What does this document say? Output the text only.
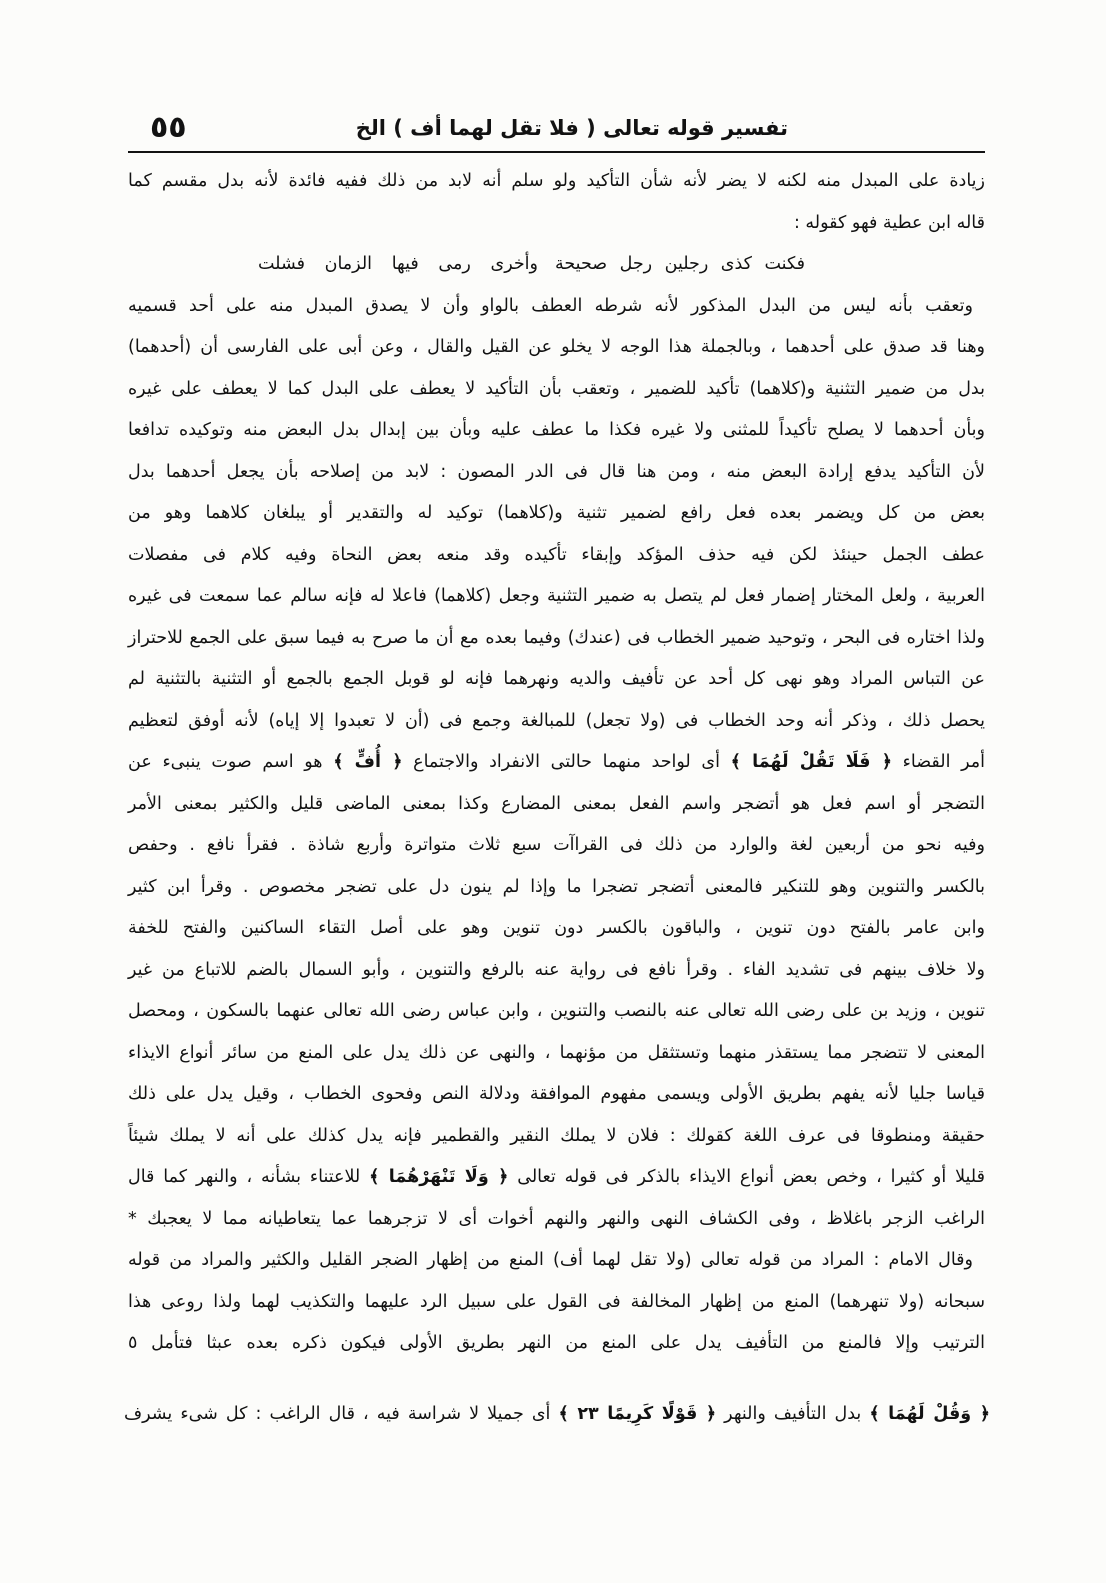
٥٥	تفسير قوله تعالى ( فلا تقل لهما أف ) الخ
زيادة على المبدل منه لكنه لا يضر لأنه شأن التأكيد ولو سلم أنه لابد من ذلك ففيه فائدة لأنه بدل مقسم كما
قاله ابن عطية فهو كقوله :
فكنت كذى رجلين رجل صحيحة
وأخرى رمى فيها الزمان فشلت
وتعقب بأنه ليس من البدل المذكور لأنه شرطه العطف بالواو وأن لا يصدق المبدل منه على أحد قسميه
وهنا قد صدق على أحدهما ، وبالجملة هذا الوجه لا يخلو عن القيل والقال ، وعن أبى على الفارسى أن (أحدهما)
بدل من ضمير التثنية و(كلاهما) تأكيد للضمير ، وتعقب بأن التأكيد لا يعطف على البدل كما لا يعطف على غيره
وبأن أحدهما لا يصلح تأكيداً للمثنى ولا غيره فكذا ما عطف عليه وبأن بين إبدال بدل البعض منه وتوكيده تدافعا
لأن التأكيد يدفع إرادة البعض منه ، ومن هنا قال فى الدر المصون : لابد من إصلاحه بأن يجعل أحدهما بدل
بعض من كل ويضمر بعده فعل رافع لضمير تثنية و(كلاهما) توكيد له والتقدير أو يبلغان كلاهما وهو من
عطف الجمل حينئذ لكن فيه حذف المؤكد وإبقاء تأكيده وقد منعه بعض النحاة وفيه كلام فى مفصلات
العربية ، ولعل المختار إضمار فعل لم يتصل به ضمير التثنية وجعل (كلاهما) فاعلا له فإنه سالم عما سمعت فى غيره
ولذا اختاره فى البحر ، وتوحيد ضمير الخطاب فى (عندك) وفيما بعده مع أن ما صرح به فيما سبق على الجمع للاحتراز
عن التباس المراد وهو نهى كل أحد عن تأفيف والديه ونهرهما فإنه لو قوبل الجمع بالجمع أو التثنية بالتثنية لم
يحصل ذلك ، وذكر أنه وحد الخطاب فى (ولا تجعل) للمبالغة وجمع فى (أن لا تعبدوا إلا إياه) لأنه أوفق لتعظيم
أمر القضاء ﴿ فَلَا تَقُلْ لَهُمَا ﴾ أى لواحد منهما حالتى الانفراد والاجتماع ﴿ أُفٍّ ﴾ هو اسم صوت ينبىء عن
التضجر أو اسم فعل هو أتضجر واسم الفعل بمعنى المضارع وكذا بمعنى الماضى قليل والكثير بمعنى الأمر
وفيه نحو من أربعين لغة والوارد من ذلك فى القراآت سبع ثلاث متواترة وأربع شاذة . فقرأ نافع . وحفص
بالكسر والتنوين وهو للتنكير فالمعنى أتضجر تضجرا ما وإذا لم ينون دل على تضجر مخصوص . وقرأ ابن كثير
وابن عامر بالفتح دون تنوين ، والباقون بالكسر دون تنوين وهو على أصل التقاء الساكنين والفتح للخفة
ولا خلاف بينهم فى تشديد الفاء . وقرأ نافع فى رواية عنه بالرفع والتنوين ، وأبو السمال بالضم للاتباع من غير
تنوين ، وزيد بن على رضى الله تعالى عنه بالنصب والتنوين ، وابن عباس رضى الله تعالى عنهما بالسكون ، ومحصل
المعنى لا تتضجر مما يستقذر منهما وتستثقل من مؤنهما ، والنهى عن ذلك يدل على المنع من سائر أنواع الايذاء
قياسا جليا لأنه يفهم بطريق الأولى ويسمى مفهوم الموافقة ودلالة النص وفحوى الخطاب ، وقيل يدل على ذلك
حقيقة ومنطوقا فى عرف اللغة كقولك : فلان لا يملك النقير والقطمير فإنه يدل كذلك على أنه لا يملك شيئاً
قليلا أو كثيرا ، وخص بعض أنواع الايذاء بالذكر فى قوله تعالى ﴿ وَلَا تَنْهَرْهُمَا ﴾ للاعتناء بشأنه ، والنهر كما قال
الراغب الزجر باغلاظ ، وفى الكشاف النهى والنهر والنهم أخوات أى لا تزجرهما عما يتعاطيانه مما لا يعجبك *
وقال الامام : المراد من قوله تعالى (ولا تقل لهما أف) المنع من إظهار الضجر القليل والكثير والمراد من قوله
سبحانه (ولا تنهرهما) المنع من إظهار المخالفة فى القول على سبيل الرد عليهما والتكذيب لهما ولذا روعى هذا
الترتيب وإلا فالمنع من التأفيف يدل على المنع من النهر بطريق الأولى فيكون ذكره بعده عبثا فتأمل ٥
﴿ وَقُلْ لَهُمَا ﴾ بدل التأفيف والنهر ﴿ قَوْلًا كَرِيمًا ٢٣ ﴾ أى جميلا لا شراسة فيه ، قال الراغب : كل شىء يشرف
